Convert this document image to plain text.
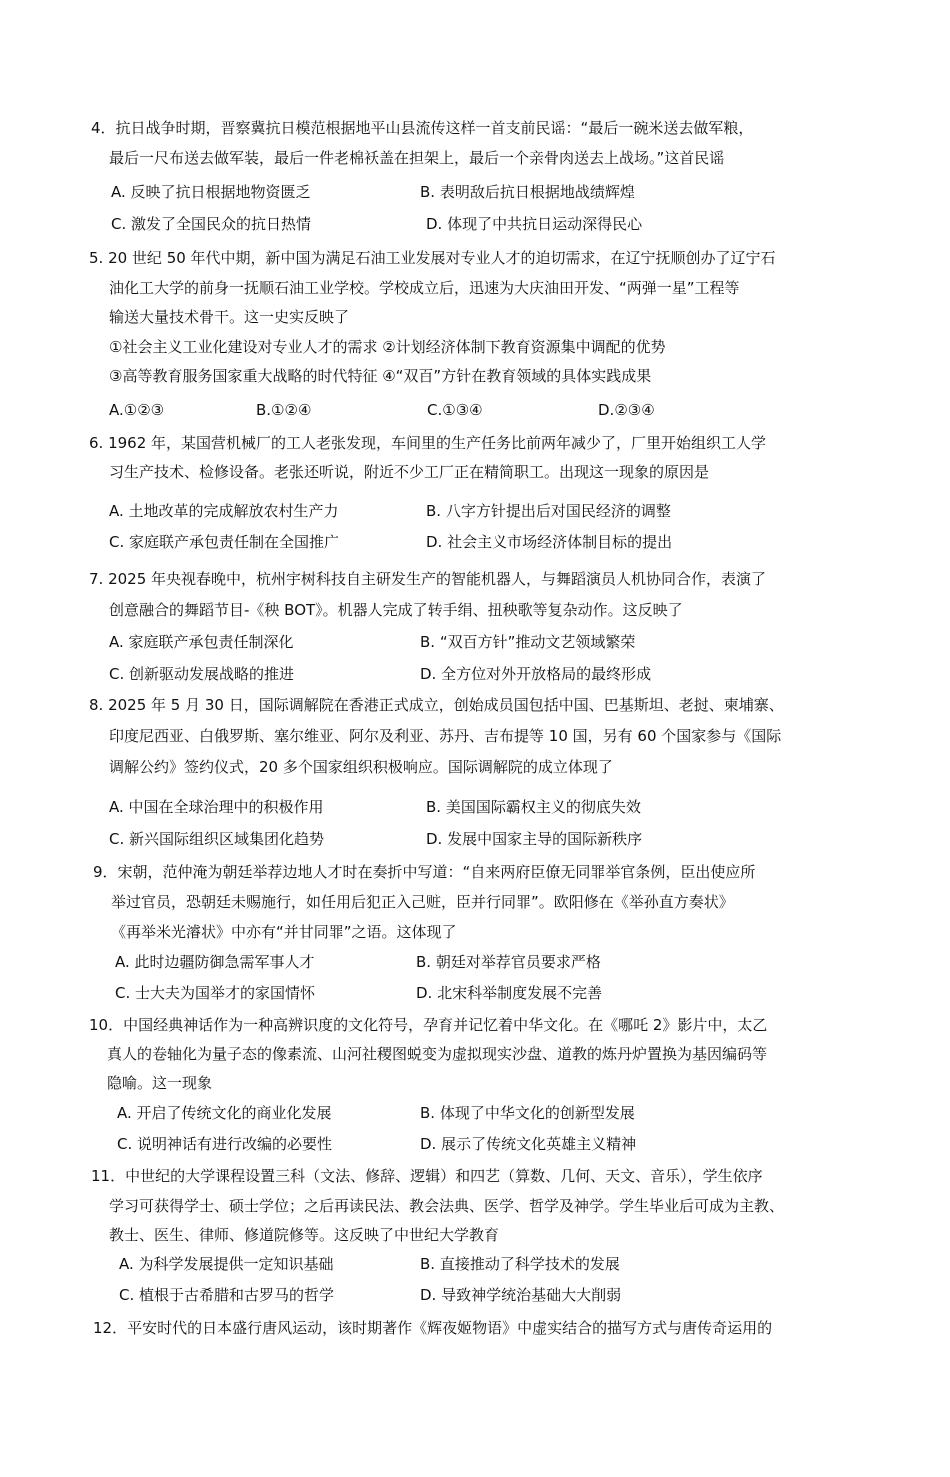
4．抗日战争时期，晋察冀抗日模范根据地平山县流传这样一首支前民谣：“最后一碗米送去做军粮，
最后一尺布送去做军装，最后一件老棉袄盖在担架上，最后一个亲骨肉送去上战场。”这首民谣
A. 反映了抗日根据地物资匮乏	B. 表明敌后抗日根据地战绩辉煌
C. 激发了全国民众的抗日热情	D. 体现了中共抗日运动深得民心
5. 20 世纪 50 年代中期，新中国为满足石油工业发展对专业人才的迫切需求，在辽宁抚顺创办了辽宁石
油化工大学的前身一抚顺石油工业学校。学校成立后，迅速为大庆油田开发、“两弹一星”工程等
输送大量技术骨干。这一史实反映了
①社会主义工业化建设对专业人才的需求 ②计划经济体制下教育资源集中调配的优势
③高等教育服务国家重大战略的时代特征 ④“双百”方针在教育领域的具体实践成果
A.①②③	B.①②④	C.①③④	D.②③④
6. 1962 年，某国营机械厂的工人老张发现，车间里的生产任务比前两年减少了，厂里开始组织工人学
习生产技术、检修设备。老张还听说，附近不少工厂正在精简职工。出现这一现象的原因是
A. 土地改革的完成解放农村生产力	B. 八字方针提出后对国民经济的调整
C. 家庭联产承包责任制在全国推广	D. 社会主义市场经济体制目标的提出
7. 2025 年央视春晚中，杭州宇树科技自主研发生产的智能机器人，与舞蹈演员人机协同合作，表演了
创意融合的舞蹈节目-《秧 BOT》。机器人完成了转手绢、扭秧歌等复杂动作。这反映了
A. 家庭联产承包责任制深化	B. “双百方针”推动文艺领域繁荣
C. 创新驱动发展战略的推进	D. 全方位对外开放格局的最终形成
8. 2025 年 5 月 30 日，国际调解院在香港正式成立，创始成员国包括中国、巴基斯坦、老挝、柬埔寨、
印度尼西亚、白俄罗斯、塞尔维亚、阿尔及利亚、苏丹、吉布提等 10 国，另有 60 个国家参与《国际
调解公约》签约仪式，20 多个国家组织积极响应。国际调解院的成立体现了
A. 中国在全球治理中的积极作用	B. 美国国际霸权主义的彻底失效
C. 新兴国际组织区域集团化趋势	D. 发展中国家主导的国际新秩序
9．宋朝，范仲淹为朝廷举荐边地人才时在奏折中写道：“自来两府臣僚无同罪举官条例，臣出使应所
举过官员，恐朝廷未赐施行，如任用后犯正入己赃，臣并行同罪”。欧阳修在《举孙直方奏状》
《再举米光濬状》中亦有“并甘同罪”之语。这体现了
A. 此时边疆防御急需军事人才	B. 朝廷对举荐官员要求严格
C. 士大夫为国举才的家国情怀	D. 北宋科举制度发展不完善
10．中国经典神话作为一种高辨识度的文化符号，孕育并记忆着中华文化。在《哪吒 2》影片中，太乙
真人的卷轴化为量子态的像素流、山河社稷图蜕变为虚拟现实沙盘、道教的炼丹炉置换为基因编码等
隐喻。这一现象
A. 开启了传统文化的商业化发展	B. 体现了中华文化的创新型发展
C. 说明神话有进行改编的必要性	D. 展示了传统文化英雄主义精神
11．中世纪的大学课程设置三科（文法、修辞、逻辑）和四艺（算数、几何、天文、音乐），学生依序
学习可获得学士、硕士学位；之后再读民法、教会法典、医学、哲学及神学。学生毕业后可成为主教、
教士、医生、律师、修道院修等。这反映了中世纪大学教育
A. 为科学发展提供一定知识基础	B. 直接推动了科学技术的发展
C. 植根于古希腊和古罗马的哲学	D. 导致神学统治基础大大削弱
12．平安时代的日本盛行唐风运动，该时期著作《辉夜姬物语》中虚实结合的描写方式与唐传奇运用的
